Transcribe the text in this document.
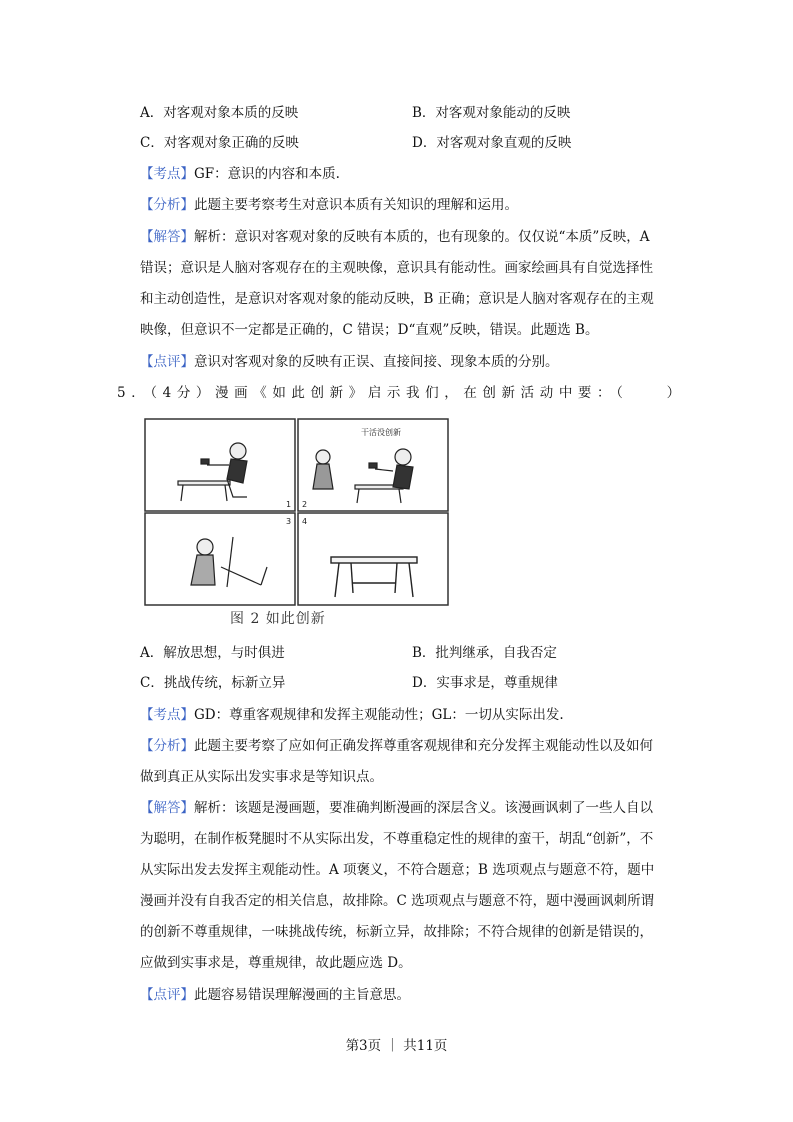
A．对客观对象本质的反映	B．对客观对象能动的反映
C．对客观对象正确的反映	D．对客观对象直观的反映
【考点】GF：意识的内容和本质.
【分析】此题主要考察考生对意识本质有关知识的理解和运用。
【解答】解析：意识对客观对象的反映有本质的，也有现象的。仅仅说“本质”反映，A
错误；意识是人脑对客观存在的主观映像，意识具有能动性。画家绘画具有自觉选择性
和主动创造性，是意识对客观对象的能动反映，B 正确；意识是人脑对客观存在的主观
映像，但意识不一定都是正确的，C 错误；D“直观”反映，错误。此题选 B。
【点评】意识对客观对象的反映有正误、直接间接、现象本质的分别。
5．（4分）漫画《如此创新》启示我们，在创新活动中要：（　　）
干活没创新
1 2
3 4
图 2 如此创新
A．解放思想，与时俱进	B．批判继承，自我否定
C．挑战传统，标新立异	D．实事求是，尊重规律
【考点】GD：尊重客观规律和发挥主观能动性；GL：一切从实际出发.
【分析】此题主要考察了应如何正确发挥尊重客观规律和充分发挥主观能动性以及如何
做到真正从实际出发实事求是等知识点。
【解答】解析：该题是漫画题，要准确判断漫画的深层含义。该漫画讽刺了一些人自以
为聪明，在制作板凳腿时不从实际出发，不尊重稳定性的规律的蛮干，胡乱“创新”，不
从实际出发去发挥主观能动性。A 项褒义，不符合题意；B 选项观点与题意不符，题中
漫画并没有自我否定的相关信息，故排除。C 选项观点与题意不符，题中漫画讽刺所谓
的创新不尊重规律，一味挑战传统，标新立异，故排除；不符合规律的创新是错误的，
应做到实事求是，尊重规律，故此题应选 D。
【点评】此题容易错误理解漫画的主旨意思。
第3页 ｜ 共11页
